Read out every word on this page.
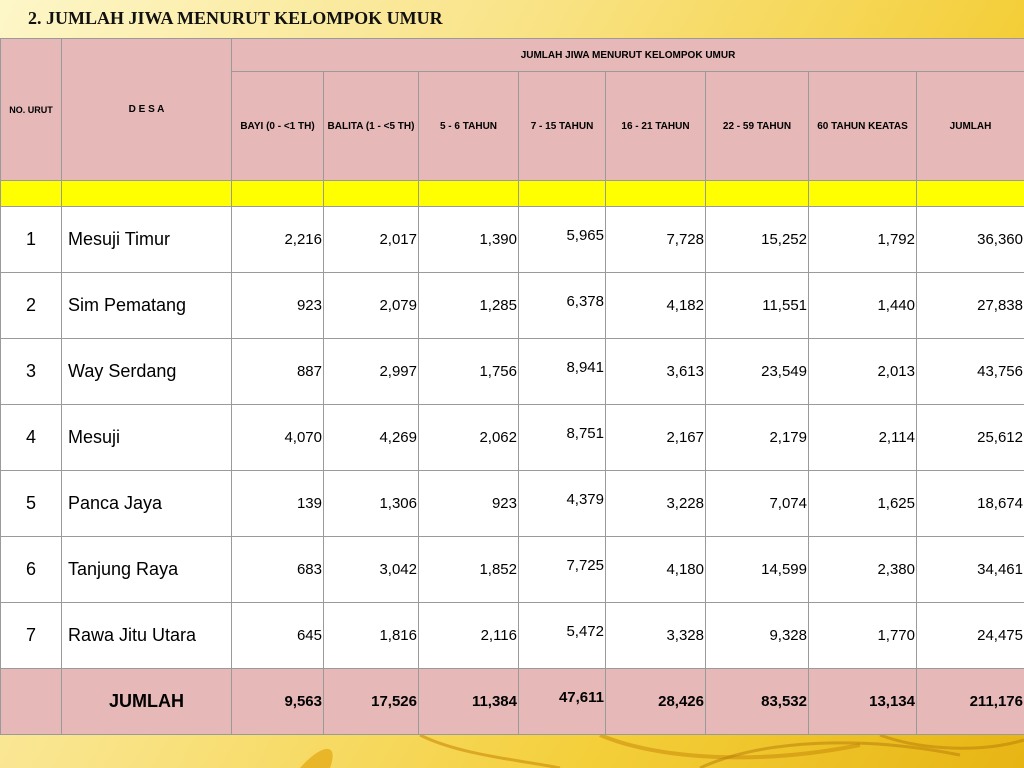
2. JUMLAH JIWA MENURUT KELOMPOK UMUR
NO. URUT	D E S A	JUMLAH JIWA MENURUT KELOMPOK UMUR							
		BAYI (0 - <1 TH)	BALITA (1 - <5 TH)	5 - 6 TAHUN	7 - 15 TAHUN	16 - 21 TAHUN	22 - 59 TAHUN	60 TAHUN KEATAS	JUMLAH

1	Mesuji Timur	2,216	2,017	1,390	5,965	7,728	15,252	1,792	36,360
2	Sim Pematang	923	2,079	1,285	6,378	4,182	11,551	1,440	27,838
3	Way Serdang	887	2,997	1,756	8,941	3,613	23,549	2,013	43,756
4	Mesuji	4,070	4,269	2,062	8,751	2,167	2,179	2,114	25,612
5	Panca Jaya	139	1,306	923	4,379	3,228	7,074	1,625	18,674
6	Tanjung Raya	683	3,042	1,852	7,725	4,180	14,599	2,380	34,461
7	Rawa Jitu Utara	645	1,816	2,116	5,472	3,328	9,328	1,770	24,475
	JUMLAH	9,563	17,526	11,384	47,611	28,426	83,532	13,134	211,176
